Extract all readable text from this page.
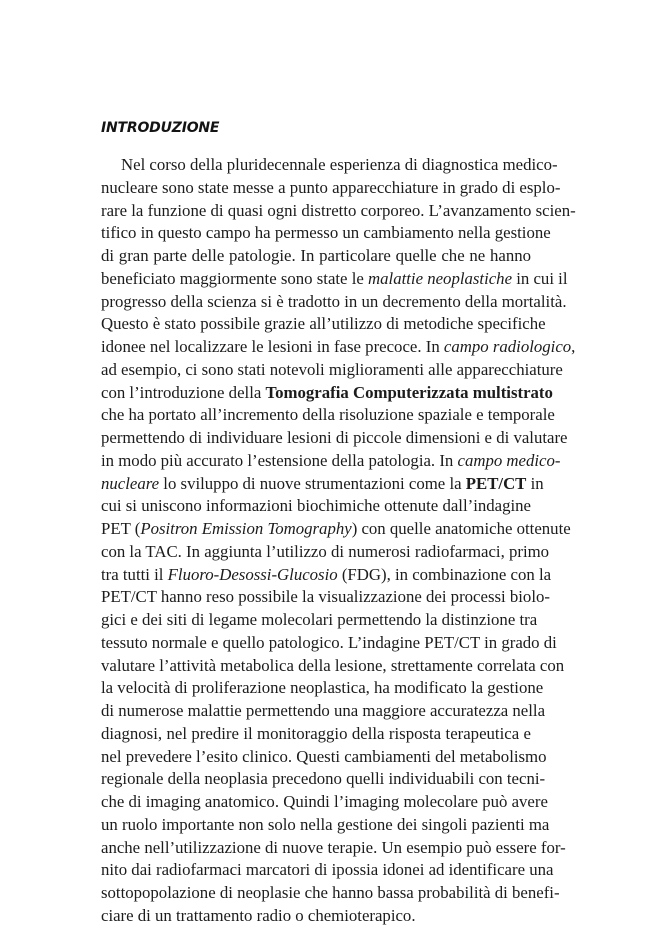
INTRODUZIONE
Nel corso della pluridecennale esperienza di diagnostica medico-
nucleare sono state messe a punto apparecchiature in grado di esplo-
rare la funzione di quasi ogni distretto corporeo. L’avanzamento scien-
tifico in questo campo ha permesso un cambiamento nella gestione
di gran parte delle patologie. In particolare quelle che ne hanno
beneficiato maggiormente sono state le malattie neoplastiche in cui il
progresso della scienza si è tradotto in un decremento della mortalità.
Questo è stato possibile grazie all’utilizzo di metodiche specifiche
idonee nel localizzare le lesioni in fase precoce. In campo radiologico,
ad esempio, ci sono stati notevoli miglioramenti alle apparecchiature
con l’introduzione della Tomografia Computerizzata multistrato
che ha portato all’incremento della risoluzione spaziale e temporale
permettendo di individuare lesioni di piccole dimensioni e di valutare
in modo più accurato l’estensione della patologia. In campo medico-
nucleare lo sviluppo di nuove strumentazioni come la PET/CT in
cui si uniscono informazioni biochimiche ottenute dall’indagine
PET (Positron Emission Tomography) con quelle anatomiche ottenute
con la TAC. In aggiunta l’utilizzo di numerosi radiofarmaci, primo
tra tutti il Fluoro-Desossi-Glucosio (FDG), in combinazione con la
PET/CT hanno reso possibile la visualizzazione dei processi biolo-
gici e dei siti di legame molecolari permettendo la distinzione tra
tessuto normale e quello patologico. L’indagine PET/CT in grado di
valutare l’attività metabolica della lesione, strettamente correlata con
la velocità di proliferazione neoplastica, ha modificato la gestione
di numerose malattie permettendo una maggiore accuratezza nella
diagnosi, nel predire il monitoraggio della risposta terapeutica e
nel prevedere l’esito clinico. Questi cambiamenti del metabolismo
regionale della neoplasia precedono quelli individuabili con tecni-
che di imaging anatomico. Quindi l’imaging molecolare può avere
un ruolo importante non solo nella gestione dei singoli pazienti ma
anche nell’utilizzazione di nuove terapie. Un esempio può essere for-
nito dai radiofarmaci marcatori di ipossia idonei ad identificare una
sottopopolazione di neoplasie che hanno bassa probabilità di benefi-
ciare di un trattamento radio o chemioterapico.
